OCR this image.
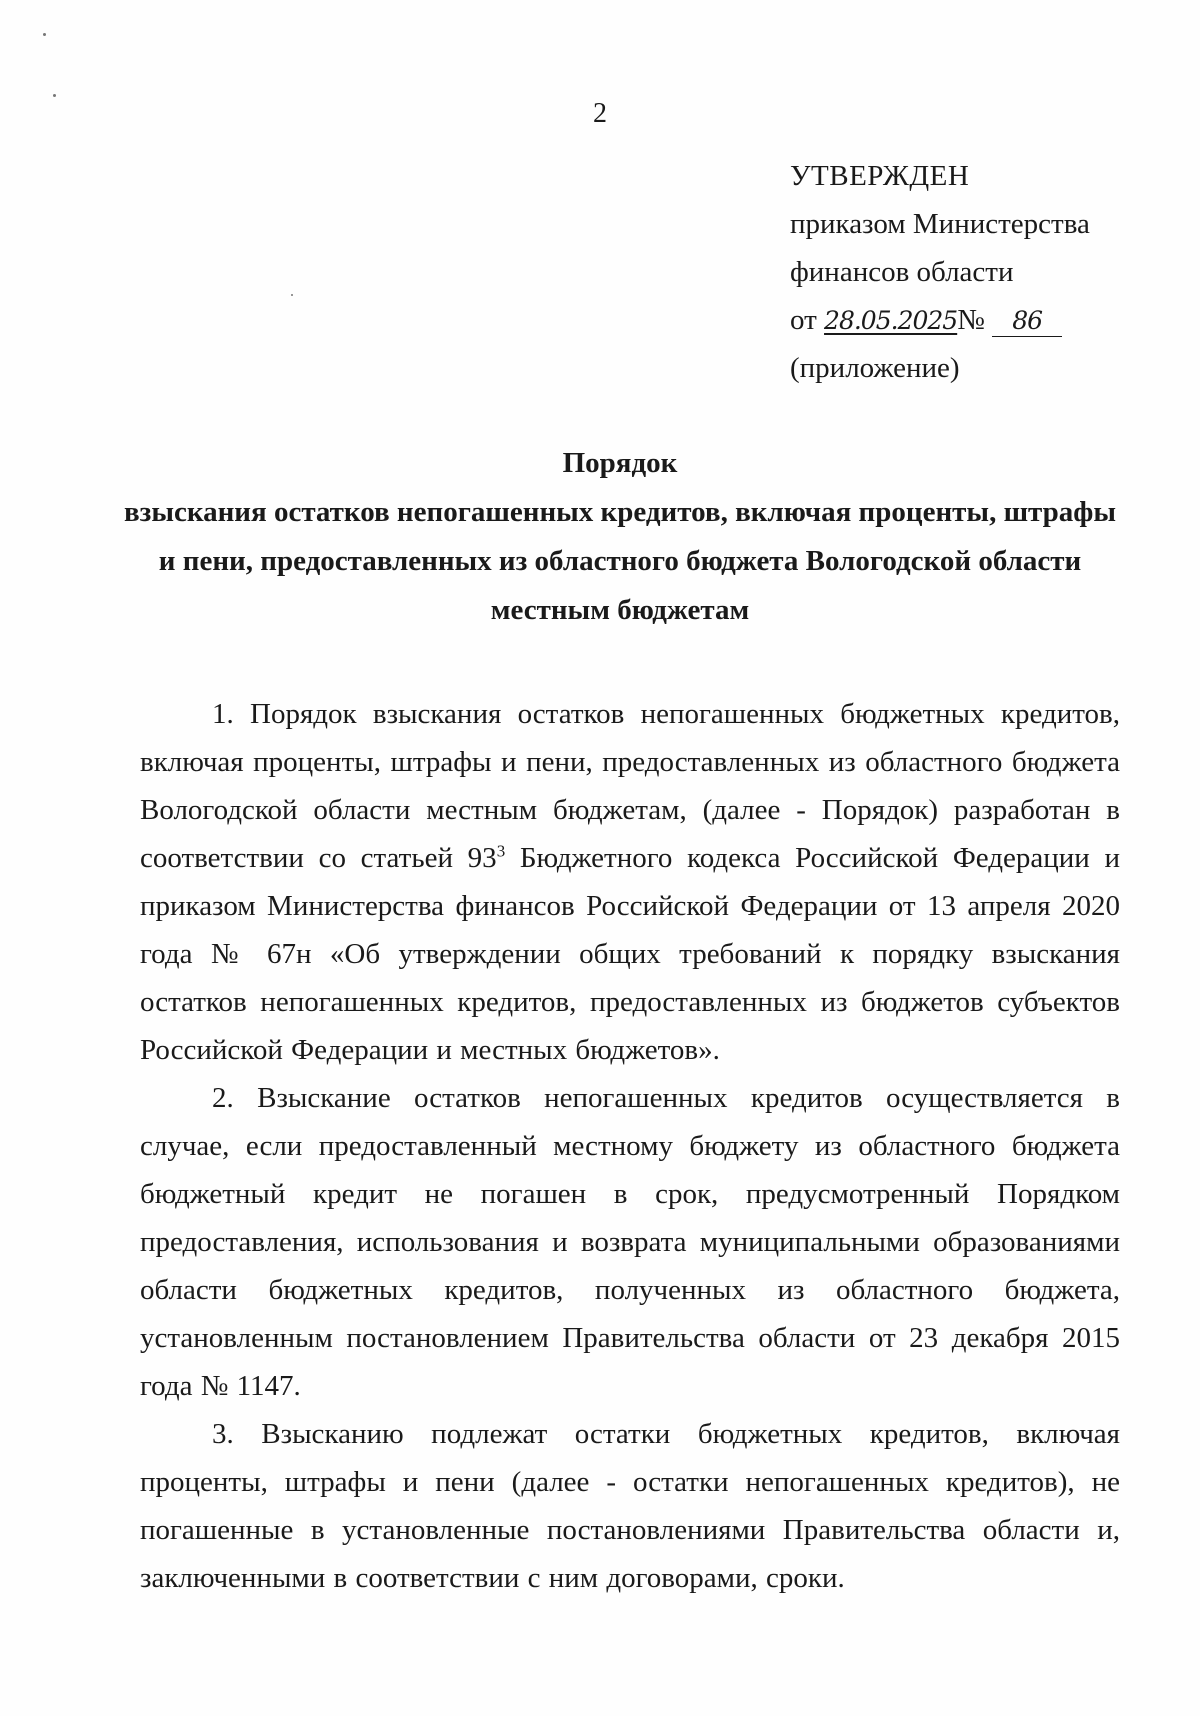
2
УТВЕРЖДЕН
приказом Министерства
финансов области
от 28.05.2025№ 86
(приложение)
Порядок
взыскания остатков непогашенных кредитов, включая проценты, штрафы
и пени, предоставленных из областного бюджета Вологодской области
местным бюджетам

1. Порядок взыскания остатков непогашенных бюджетных кредитов, включая проценты, штрафы и пени, предоставленных из областного бюджета Вологодской области местным бюджетам, (далее - Порядок) разработан в соответствии со статьей $93^3$ Бюджетного кодекса Российской Федерации и приказом Министерства финансов Российской Федерации от 13 апреля 2020 года № 67н «Об утверждении общих требований к порядку взыскания остатков непогашенных кредитов, предоставленных из бюджетов субъектов Российской Федерации и местных бюджетов».

2. Взыскание остатков непогашенных кредитов осуществляется в случае, если предоставленный местному бюджету из областного бюджета бюджетный кредит не погашен в срок, предусмотренный Порядком предоставления, использования и возврата муниципальными образованиями области бюджетных кредитов, полученных из областного бюджета, установленным постановлением Правительства области от 23 декабря 2015 года № 1147.

3. Взысканию подлежат остатки бюджетных кредитов, включая проценты, штрафы и пени (далее - остатки непогашенных кредитов), не погашенные в установленные постановлениями Правительства области и, заключенными в соответствии с ним договорами, сроки.
